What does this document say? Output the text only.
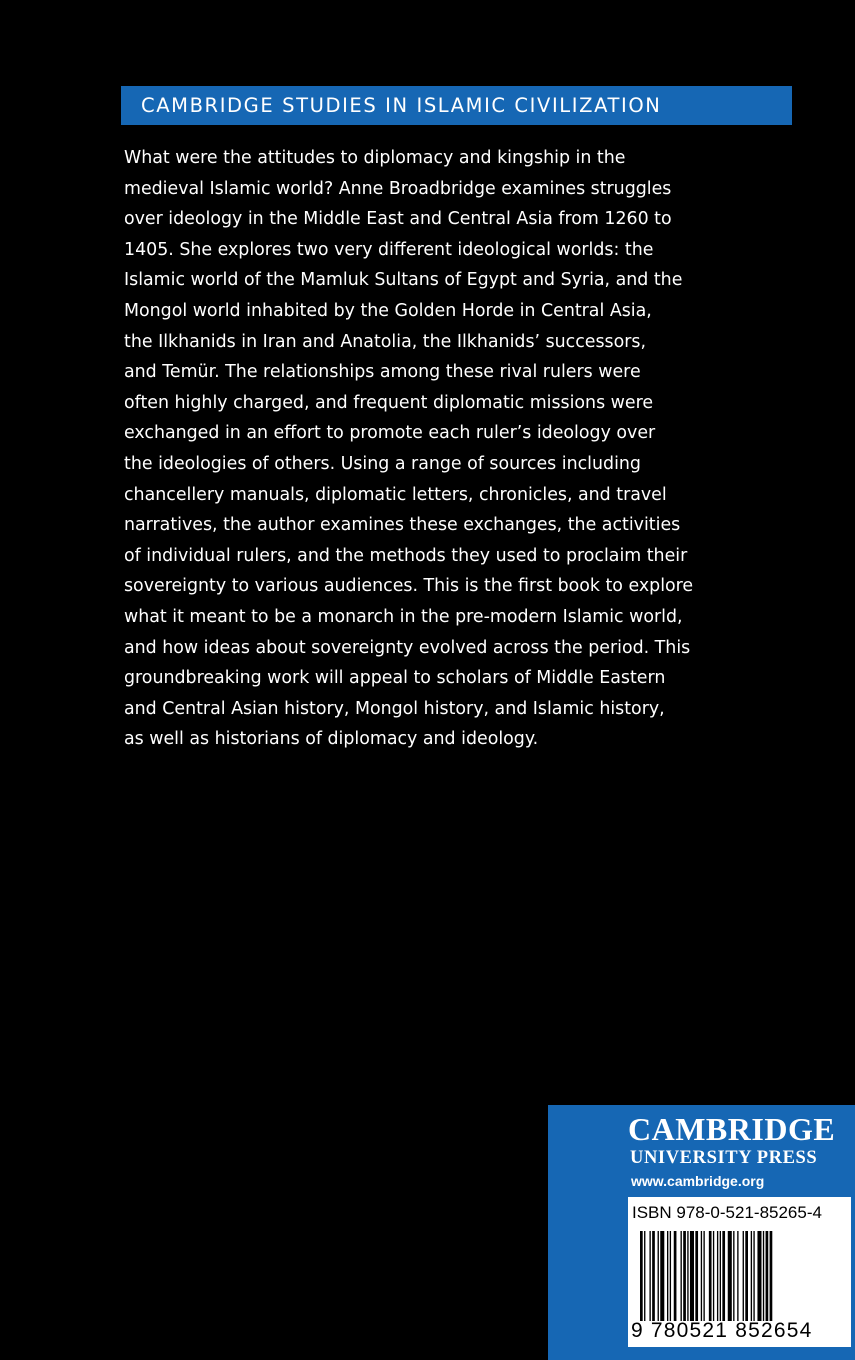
CAMBRIDGE STUDIES IN ISLAMIC CIVILIZATION
What were the attitudes to diplomacy and kingship in the
medieval Islamic world? Anne Broadbridge examines struggles
over ideology in the Middle East and Central Asia from 1260 to
1405. She explores two very different ideological worlds: the
Islamic world of the Mamluk Sultans of Egypt and Syria, and the
Mongol world inhabited by the Golden Horde in Central Asia,
the Ilkhanids in Iran and Anatolia, the Ilkhanids’ successors,
and Temür. The relationships among these rival rulers were
often highly charged, and frequent diplomatic missions were
exchanged in an effort to promote each ruler’s ideology over
the ideologies of others. Using a range of sources including
chancellery manuals, diplomatic letters, chronicles, and travel
narratives, the author examines these exchanges, the activities
of individual rulers, and the methods they used to proclaim their
sovereignty to various audiences. This is the first book to explore
what it meant to be a monarch in the pre-modern Islamic world,
and how ideas about sovereignty evolved across the period. This
groundbreaking work will appeal to scholars of Middle Eastern
and Central Asian history, Mongol history, and Islamic history,
as well as historians of diplomacy and ideology.
CAMBRIDGE
UNIVERSITY PRESS
www.cambridge.org
ISBN 978-0-521-85265-4
9 780521 852654
